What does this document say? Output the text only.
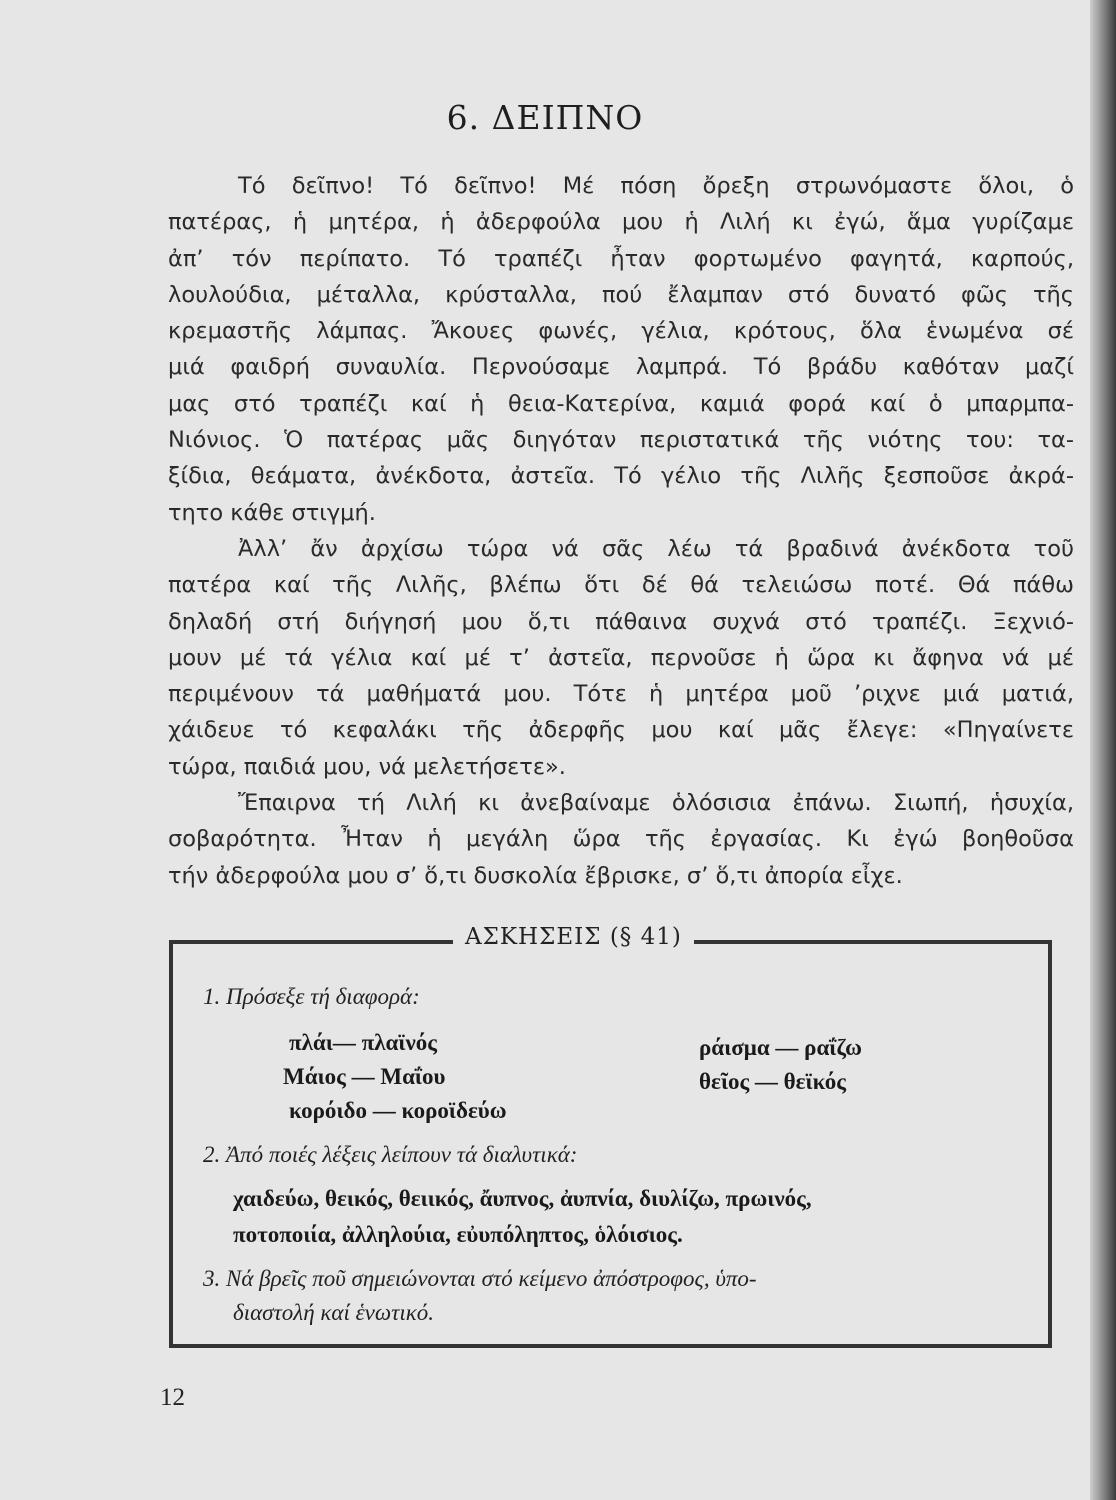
6. ΔΕΙΠΝΟ

Τό δεῖπνο! Τό δεῖπνο! Μέ πόση ὄρεξη στρωνόμαστε ὅλοι, ὁ
πατέρας, ἡ μητέρα, ἡ ἀδερφούλα μου ἡ Λιλή κι ἐγώ, ἅμα γυρίζαμε
ἀπ’ τόν περίπατο. Τό τραπέζι ἦταν φορτωμένο φαγητά, καρπούς,
λουλούδια, μέταλλα, κρύσταλλα, πού ἔλαμπαν στό δυνατό φῶς τῆς
κρεμαστῆς λάμπας. Ἄκουες φωνές, γέλια, κρότους, ὅλα ἑνωμένα σέ
μιά φαιδρή συναυλία. Περνούσαμε λαμπρά. Τό βράδυ καθόταν μαζί
μας στό τραπέζι καί ἡ θεια-Κατερίνα, καμιά φορά καί ὁ μπαρμπα-
Νιόνιος. Ὁ πατέρας μᾶς διηγόταν περιστατικά τῆς νιότης του: τα-
ξίδια, θεάματα, ἀνέκδοτα, ἀστεῖα. Τό γέλιο τῆς Λιλῆς ξεσποῦσε ἀκρά-
τητο κάθε στιγμή.

Ἀλλ’ ἄν ἀρχίσω τώρα νά σᾶς λέω τά βραδινά ἀνέκδοτα τοῦ
πατέρα καί τῆς Λιλῆς, βλέπω ὅτι δέ θά τελειώσω ποτέ. Θά πάθω
δηλαδή στή διήγησή μου ὅ,τι πάθαινα συχνά στό τραπέζι. Ξεχνιό-
μουν μέ τά γέλια καί μέ τ’ ἀστεῖα, περνοῦσε ἡ ὥρα κι ἄφηνα νά μέ
περιμένουν τά μαθήματά μου. Τότε ἡ μητέρα μοῦ ’ριχνε μιά ματιά,
χάιδευε τό κεφαλάκι τῆς ἀδερφῆς μου καί μᾶς ἔλεγε: «Πηγαίνετε
τώρα, παιδιά μου, νά μελετήσετε».

Ἔπαιρνα τή Λιλή κι ἀνεβαίναμε ὁλόσισια ἐπάνω. Σιωπή, ἡσυχία,
σοβαρότητα. Ἦταν ἡ μεγάλη ὥρα τῆς ἐργασίας. Κι ἐγώ βοηθοῦσα
τήν ἀδερφούλα μου σ’ ὅ,τι δυσκολία ἔβρισκε, σ’ ὅ,τι ἀπορία εἶχε.

ΑΣΚΗΣΕΙΣ (§ 41)
1. Πρόσεξε τή διαφορά:
πλάι— πλαϊνός
Μάιος — Μαΐου
κορόιδο — κοροϊδεύω
ράισμα — ραΐζω
θεῖος — θεϊκός
2. Ἀπό ποιές λέξεις λείπουν τά διαλυτικά:
χαιδεύω, θεικός, θειικός, ἄυπνος, ἀυπνία, διυλίζω, πρωινός,
ποτοποιία, ἀλληλούια, εὐυπόληπτος, ὁλόισιος.
3. Νά βρεῖς ποῦ σημειώνονται στό κείμενο ἀπόστροφος, ὑπο-
διαστολή καί ἑνωτικό.
12
